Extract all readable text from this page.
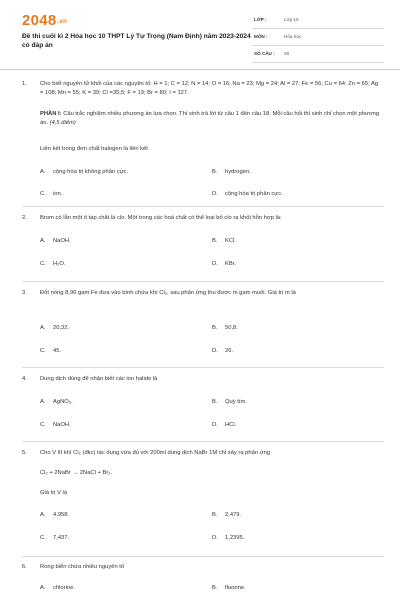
2048.vn
Đề thi cuối kì 2 Hóa học 10 THPT Lý Tự Trọng (Nam Định) năm 2023-2024 có đáp án
LỚP :	Lớp 10
MÔN :	Hóa học
SỐ CÂU : 28
1. Cho biết nguyên tử khối của các nguyên tố: H = 1; C = 12; N = 14; O = 16; Na = 23; Mg = 24; Al = 27; Fe = 56; Cu = 64; Zn = 65; Ag = 108; Mn = 55; K = 39; Cl =35,5; F = 19; Br = 80; I = 127.
PHẦN I: Câu trắc nghiệm nhiều phương án lựa chọn. Thí sinh trả lời từ câu 1 đến câu 18. Mỗi câu hỏi thí sinh chỉ chọn một phương án. (4,5 điểm)
Liên kết trong đơn chất halogen là liên kết
A. cộng hóa trị không phân cực.	B. hydrogen.
C. ion.	D. cộng hóa trị phân cực.
2. Brom có lẫn một ít tạp chất là clo. Một trong các hoá chất có thể loại bỏ clo ra khỏi hỗn hợp là:
A. NaOH.	B. KCl.
C. H₂O.	D. KBr.
3. Đốt nóng 8,96 gam Fe đưa vào bình chứa khí Cl₂, sau phản ứng thu được m gam muối. Giá trị m là
A. 20,32.	B. 50,8.
C. 45.	D. 26.
4. Dung dịch dùng để nhận biết các ion halide là
A. AgNO₃.	B. Quỳ tím.
C. NaOH.	D. HCl.
5. Cho V lít khí Cl₂ (đkc) tác dụng vừa đủ với 200ml dung dịch NaBr 1M chỉ xảy ra phản ứng
Cl₂ + 2NaBr → 2NaCl + Br₂.
Giá trị V là
A. 4,958.	B. 2,479.
C. 7,437.	D. 1,2395.
6. Rong biển chứa nhiều nguyên tố
A. chlorine.	B. fluorine.
